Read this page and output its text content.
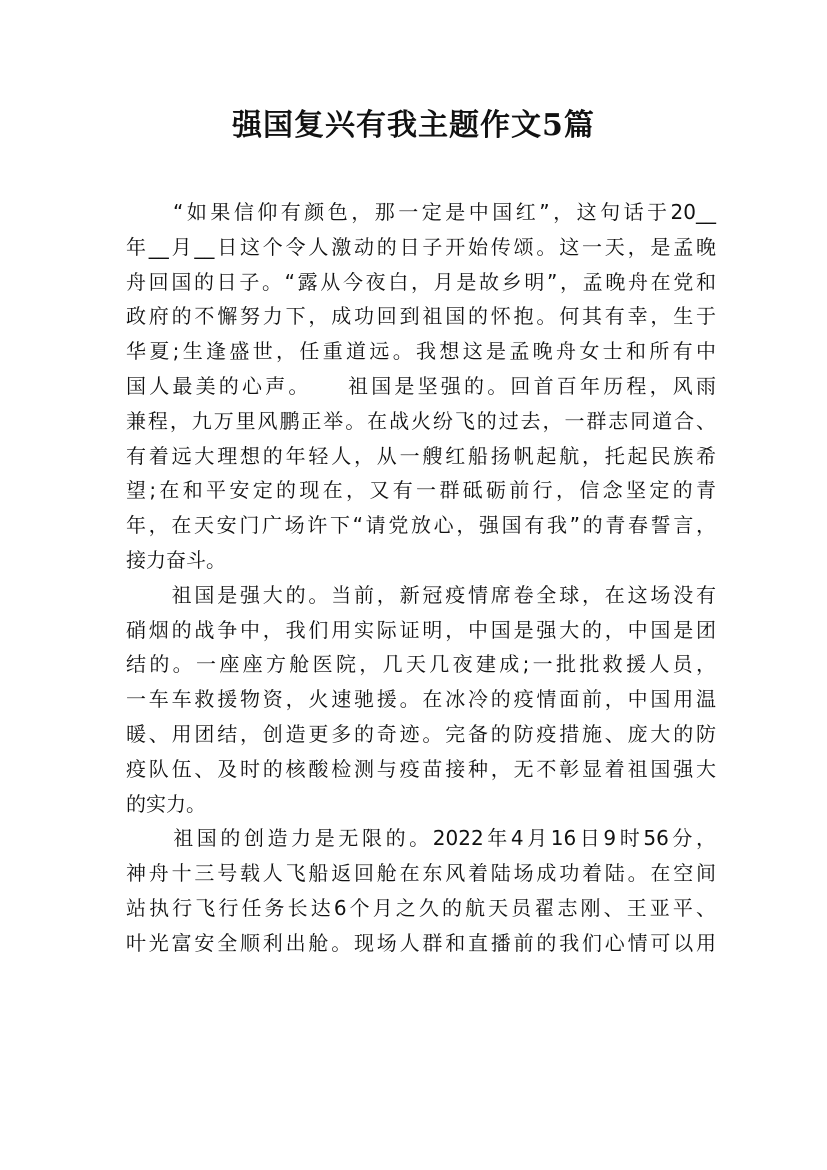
强国复兴有我主题作文5篇
　　“如果信仰有颜色，那一定是中国红”，这句话于20__
年__月__日这个令人激动的日子开始传颂。这一天，是孟晚
舟回国的日子。“露从今夜白，月是故乡明”，孟晚舟在党和
政府的不懈努力下，成功回到祖国的怀抱。何其有幸，生于
华夏;生逢盛世，任重道远。我想这是孟晚舟女士和所有中
国人最美的心声。　　祖国是坚强的。回首百年历程，风雨
兼程，九万里风鹏正举。在战火纷飞的过去，一群志同道合、
有着远大理想的年轻人，从一艘红船扬帆起航，托起民族希
望;在和平安定的现在，又有一群砥砺前行，信念坚定的青
年，在天安门广场许下“请党放心，强国有我”的青春誓言，
接力奋斗。
　　祖国是强大的。当前，新冠疫情席卷全球，在这场没有
硝烟的战争中，我们用实际证明，中国是强大的，中国是团
结的。一座座方舱医院，几天几夜建成;一批批救援人员，
一车车救援物资，火速驰援。在冰冷的疫情面前，中国用温
暖、用团结，创造更多的奇迹。完备的防疫措施、庞大的防
疫队伍、及时的核酸检测与疫苗接种，无不彰显着祖国强大
的实力。
　　祖国的创造力是无限的。2022年4月16日9时56分，
神舟十三号载人飞船返回舱在东风着陆场成功着陆。在空间
站执行飞行任务长达6个月之久的航天员翟志刚、王亚平、
叶光富安全顺利出舱。现场人群和直播前的我们心情可以用
